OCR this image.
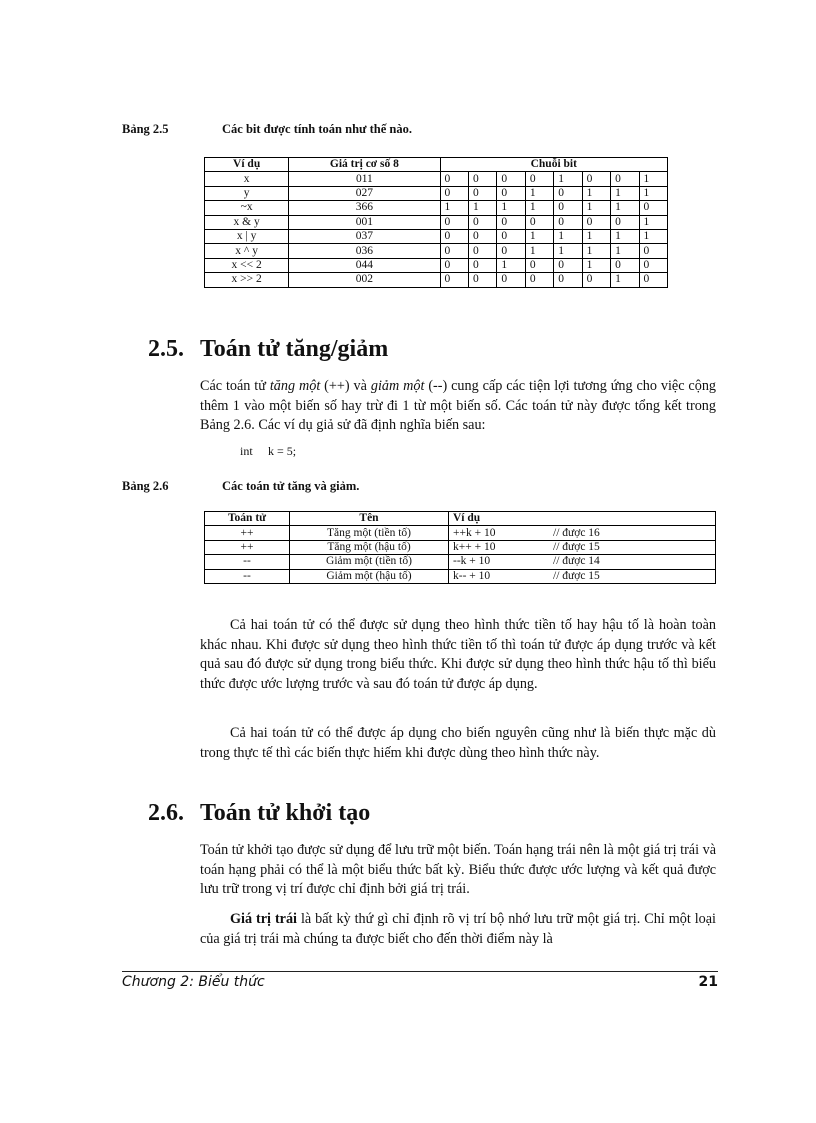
Bảng 2.5	Các bit được tính toán như thế nào.
Ví dụ	Giá trị cơ số 8	Chuỗi bit							
x	011	0	0	0	0	1	0	0	1
y	027	0	0	0	1	0	1	1	1
~x	366	1	1	1	1	0	1	1	0
x & y	001	0	0	0	0	0	0	0	1
x | y	037	0	0	0	1	1	1	1	1
x ^ y	036	0	0	0	1	1	1	1	0
x << 2	044	0	0	1	0	0	1	0	0
x >> 2	002	0	0	0	0	0	0	1	0
2.5. Toán tử tăng/giảm

Các toán tử tăng một (++) và giảm một (--) cung cấp các tiện lợi tương ứng cho việc cộng thêm 1 vào một biến số hay trừ đi 1 từ một biến số. Các toán tử này được tổng kết trong Bảng 2.6. Các ví dụ giả sử đã định nghĩa biến sau:

int k = 5;
Bảng 2.6	Các toán tử tăng và giảm.
Toán tử	Tên	Ví dụ
++	Tăng một (tiền tố)	++k + 10 // được 16
++	Tăng một (hậu tố)	k++ + 10 // được 15
--	Giảm một (tiền tố)	--k + 10 // được 14
--	Giảm một (hậu tố)	k-- + 10 // được 15

Cả hai toán tử có thể được sử dụng theo hình thức tiền tố hay hậu tố là hoàn toàn khác nhau. Khi được sử dụng theo hình thức tiền tố thì toán tử được áp dụng trước và kết quả sau đó được sử dụng trong biểu thức. Khi được sử dụng theo hình thức hậu tố thì biểu thức được ước lượng trước và sau đó toán tử được áp dụng.

Cả hai toán tử có thể được áp dụng cho biến nguyên cũng như là biến thực mặc dù trong thực tế thì các biến thực hiếm khi được dùng theo hình thức này.

2.6. Toán tử khởi tạo

Toán tử khởi tạo được sử dụng để lưu trữ một biến. Toán hạng trái nên là một giá trị trái và toán hạng phải có thể là một biểu thức bất kỳ. Biểu thức được ước lượng và kết quả được lưu trữ trong vị trí được chỉ định bởi giá trị trái.

Giá trị trái là bất kỳ thứ gì chỉ định rõ vị trí bộ nhớ lưu trữ một giá trị. Chỉ một loại của giá trị trái mà chúng ta được biết cho đến thời điểm này là

Chương 2: Biểu thức	21
